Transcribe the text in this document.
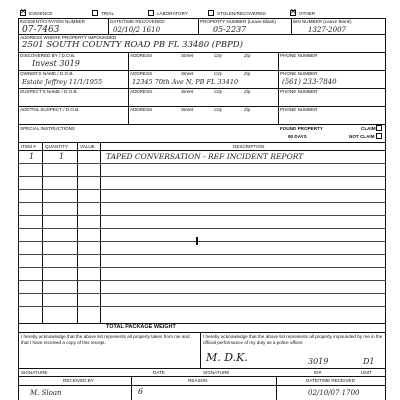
✕
EVIDENCE	TRIAL	LABORATORY	STOLEN/RECOVERED
✕	OTHER
INCIDENT/CITATION NUMBER	DATE/TIME RECOVERED	PROPERTY NUMBER (Leave Blank)	BIN NUMBER (Leave Blank)
07-7463	02/10/2 1610	05-2237	1327-2007
ADDRESS WHERE PROPERTY IMPOUNDED
2501 SOUTH COUNTY ROAD PB FL 33480 (PBPD)
DISCOVERED BY / D.O.B.	ADDRESS	Street	City	Zip	PHONE NUMBER
Invest 3019
OWNER'S NAME / D.O.B.	ADDRESS	Street	City	Zip	PHONE NUMBER
Estate Jeffrey 11/1/1955	12345 70th Ave N, PB FL 33410	(561) 233-7840
SUSPECT'S NAME / D.O.B.	ADDRESS	Street	City	Zip	PHONE NUMBER
ADD'TNL SUSPECT / D.O.B.	ADDRESS	Street	City	Zip	PHONE NUMBER
SPECIAL INSTRUCTIONS	FOUND PROPERTY	CLAIM
90 DAYS	NOT CLAIM
ITEM # QUANTITY	VALUE	DESCRIPTION
1	1	TAPED CONVERSATION - REF INCIDENT REPORT
TOTAL PACKAGE WEIGHT
I hereby acknowledge that the above list represents all property taken from me and that I have received a copy of this receipt.
I hereby acknowledge that the above list represents all property impounded by me in the official performance of my duty as a police officer.
M. D.K.	3019	D1
SIGNATURE	DATE	SIGNATURE	ID#	UNIT
RECEIVED BY	REASON	DATE/TIME RECEIVED
M. Sloan	6	02/10/07 1700
